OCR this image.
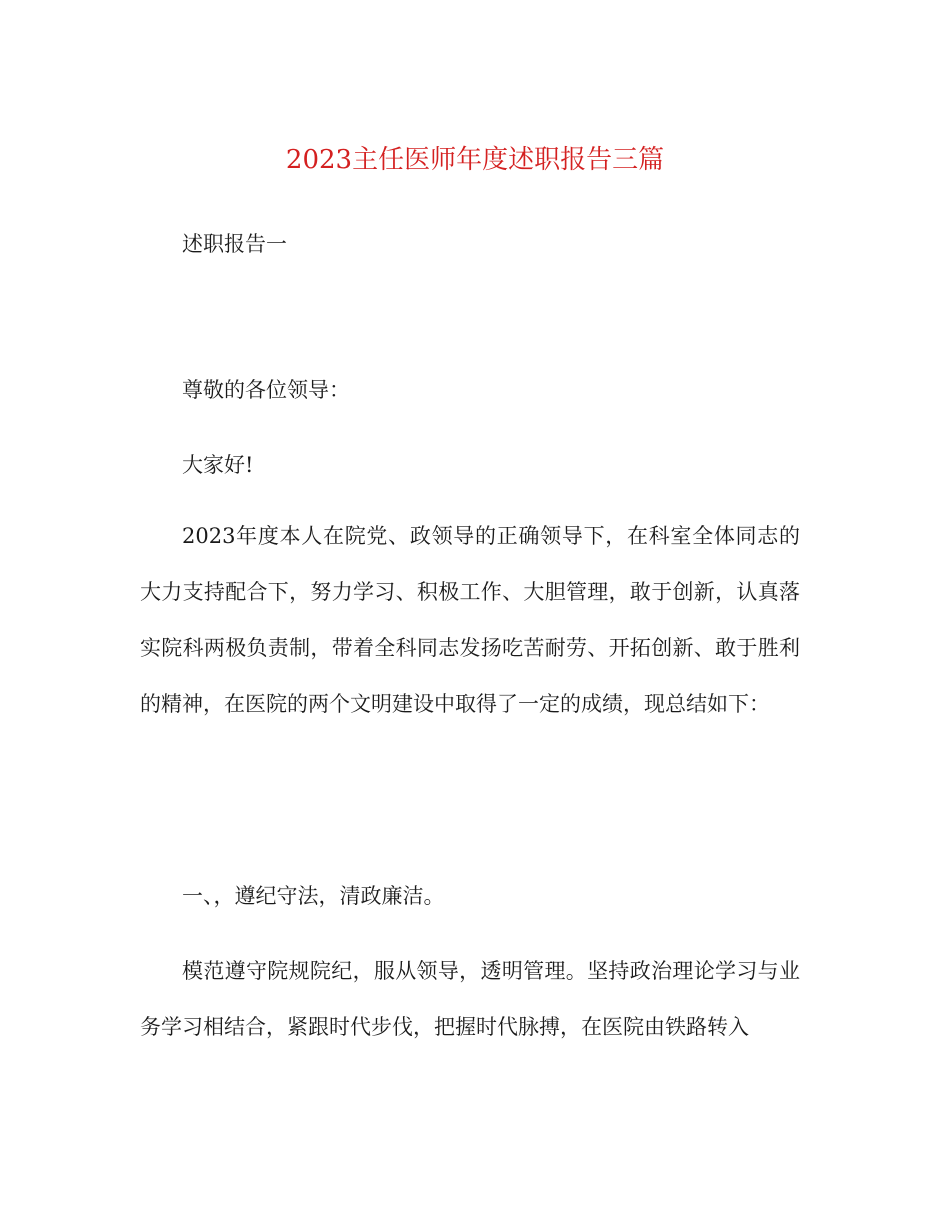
2023主任医师年度述职报告三篇

述职报告一

尊敬的各位领导：

大家好!

2023年度本人在院党、政领导的正确领导下，在科室全体同志的大力支持配合下，努力学习、积极工作、大胆管理，敢于创新，认真落实院科两极负责制，带着全科同志发扬吃苦耐劳、开拓创新、敢于胜利的精神，在医院的两个文明建设中取得了一定的成绩，现总结如下：

一、，遵纪守法，清政廉洁。

模范遵守院规院纪，服从领导，透明管理。坚持政治理论学习与业务学习相结合，紧跟时代步伐，把握时代脉搏，在医院由铁路转入
